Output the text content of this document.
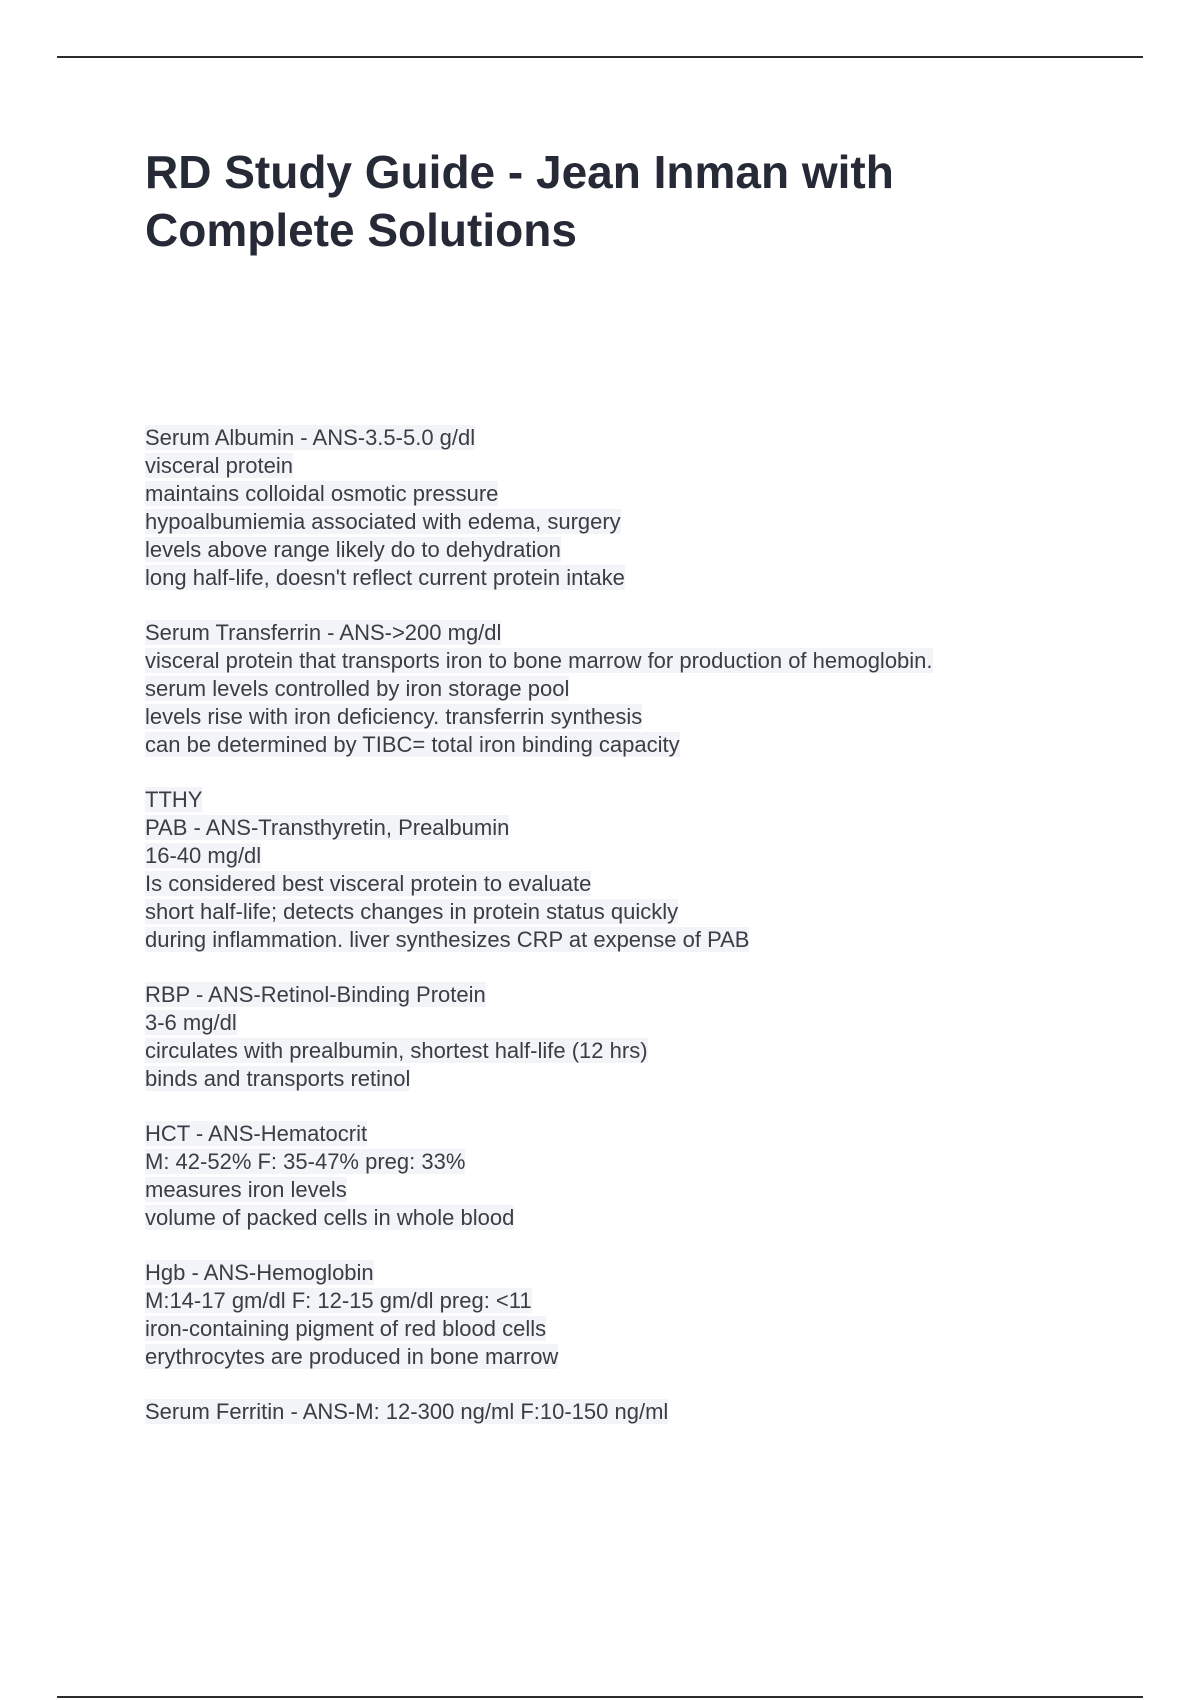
RD Study Guide - Jean Inman with Complete Solutions
Serum Albumin - ANS-3.5-5.0 g/dl
visceral protein
maintains colloidal osmotic pressure
hypoalbumiemia associated with edema, surgery
levels above range likely do to dehydration
long half-life, doesn't reflect current protein intake
Serum Transferrin - ANS->200 mg/dl
visceral protein that transports iron to bone marrow for production of hemoglobin.
serum levels controlled by iron storage pool
levels rise with iron deficiency. transferrin synthesis
can be determined by TIBC= total iron binding capacity
TTHY
PAB - ANS-Transthyretin, Prealbumin
16-40 mg/dl
Is considered best visceral protein to evaluate
short half-life; detects changes in protein status quickly
during inflammation. liver synthesizes CRP at expense of PAB
RBP - ANS-Retinol-Binding Protein
3-6 mg/dl
circulates with prealbumin, shortest half-life (12 hrs)
binds and transports retinol
HCT - ANS-Hematocrit
M: 42-52% F: 35-47% preg: 33%
measures iron levels
volume of packed cells in whole blood
Hgb - ANS-Hemoglobin
M:14-17 gm/dl F: 12-15 gm/dl preg: <11
iron-containing pigment of red blood cells
erythrocytes are produced in bone marrow
Serum Ferritin - ANS-M: 12-300 ng/ml F:10-150 ng/ml
